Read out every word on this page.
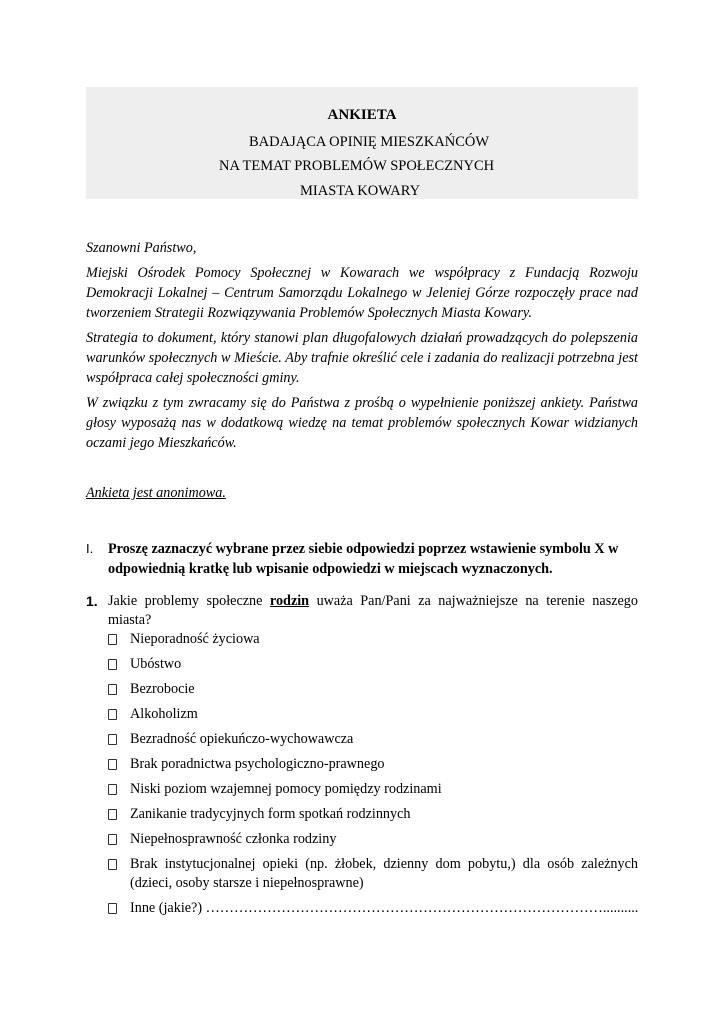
ANKIETA
BADAJĄCA OPINIĘ MIESZKAŃCÓW
NA TEMAT PROBLEMÓW SPOŁECZNYCH
MIASTA KOWARY
Szanowni Państwo,
Miejski Ośrodek Pomocy Społecznej w Kowarach we współpracy z Fundacją Rozwoju Demokracji Lokalnej – Centrum Samorządu Lokalnego w Jeleniej Górze rozpoczęły prace nad tworzeniem Strategii Rozwiązywania Problemów Społecznych Miasta Kowary.
Strategia to dokument, który stanowi plan długofalowych działań prowadzących do polepszenia warunków społecznych w Mieście. Aby trafnie określić cele i zadania do realizacji potrzebna jest współpraca całej społeczności gminy.
W związku z tym zwracamy się do Państwa z prośbą o wypełnienie poniższej ankiety. Państwa głosy wyposażą nas w dodatkową wiedzę na temat problemów społecznych Kowar widzianych oczami jego Mieszkańców.
Ankieta jest anonimowa.
I. Proszę zaznaczyć wybrane przez siebie odpowiedzi poprzez wstawienie symbolu X w odpowiednią kratkę lub wpisanie odpowiedzi w miejscach wyznaczonych.
1. Jakie problemy społeczne rodzin uważa Pan/Pani za najważniejsze na terenie naszego miasta?
Nieporadność życiowa
Ubóstwo
Bezrobocie
Alkoholizm
Bezradność opiekuńczo-wychowawcza
Brak poradnictwa psychologiczno-prawnego
Niski poziom wzajemnej pomocy pomiędzy rodzinami
Zanikanie tradycyjnych form spotkań rodzinnych
Niepełnosprawność członka rodziny
Brak instytucjonalnej opieki (np. żłobek, dzienny dom pobytu,) dla osób zależnych (dzieci, osoby starsze i niepełnosprawne)
Inne (jakie?) …………………………………………………………………………..........
